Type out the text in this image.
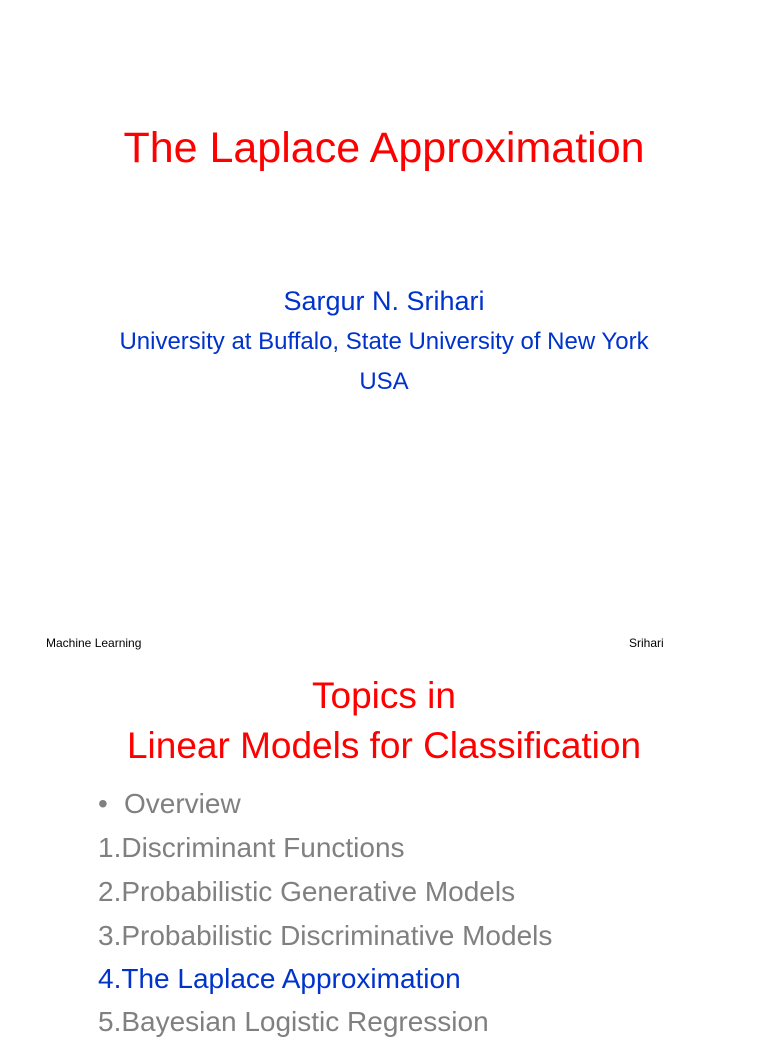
The Laplace Approximation
Sargur N. Srihari
University at Buffalo, State University of New York
USA
Machine Learning	Srihari
Topics in
Linear Models for Classification
• Overview
1.Discriminant Functions
2.Probabilistic Generative Models
3.Probabilistic Discriminative Models
4.The Laplace Approximation
5.Bayesian Logistic Regression
